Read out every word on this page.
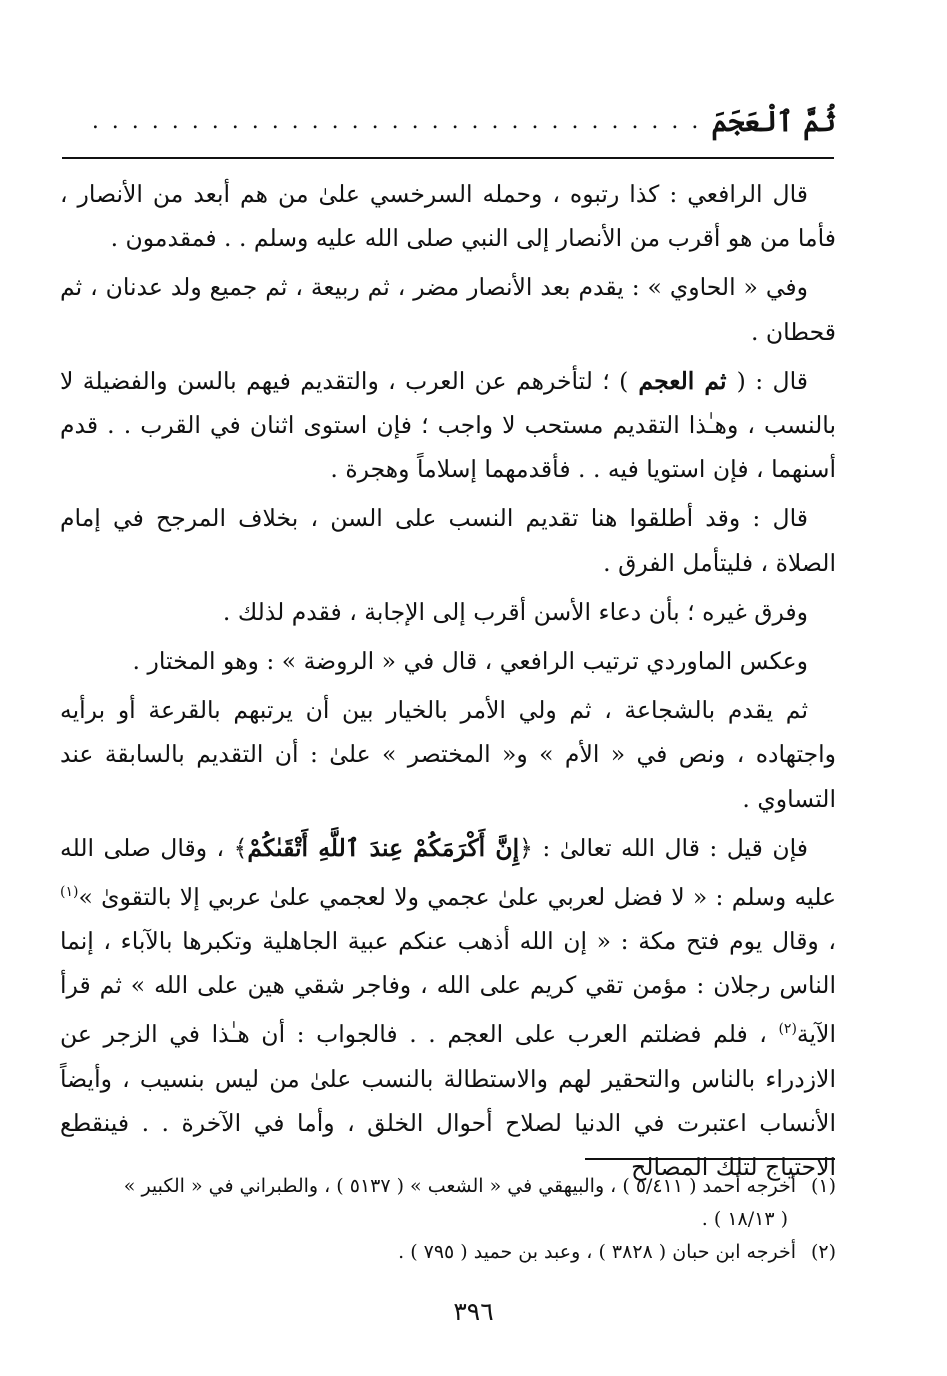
ثُمَّ ٱلْعَجَمَ
. . . . . . . . . . . . . . . . . . . . . . . . . . . . . . .

قال الرافعي : كذا رتبوه ، وحمله السرخسي علىٰ من هم أبعد من الأنصار ، فأما من هو أقرب من الأنصار إلى النبي صلى الله عليه وسلم . . فمقدمون .

وفي « الحاوي » : يقدم بعد الأنصار مضر ، ثم ربيعة ، ثم جميع ولد عدنان ، ثم قحطان .

قال : ( ثم العجم ) ؛ لتأخرهم عن العرب ، والتقديم فيهم بالسن والفضيلة لا بالنسب ، وهـٰذا التقديم مستحب لا واجب ؛ فإن استوى اثنان في القرب . . قدم أسنهما ، فإن استويا فيه . . فأقدمهما إسلاماً وهجرة .

قال : وقد أطلقوا هنا تقديم النسب على السن ، بخلاف المرجح في إمام الصلاة ، فليتأمل الفرق .

وفرق غيره ؛ بأن دعاء الأسن أقرب إلى الإجابة ، فقدم لذلك .

وعكس الماوردي ترتيب الرافعي ، قال في « الروضة » : وهو المختار .

ثم يقدم بالشجاعة ، ثم ولي الأمر بالخيار بين أن يرتبهم بالقرعة أو برأيه واجتهاده ، ونص في « الأم » و« المختصر » علىٰ : أن التقديم بالسابقة عند التساوي .

فإن قيل : قال الله تعالىٰ : ﴿إِنَّ أَكْرَمَكُمْ عِندَ ٱللَّهِ أَتْقَىٰكُمْ﴾ ، وقال صلى الله عليه وسلم : « لا فضل لعربي علىٰ عجمي ولا لعجمي علىٰ عربي إلا بالتقوىٰ »$^{(١)}$ ، وقال يوم فتح مكة : « إن الله أذهب عنكم عبية الجاهلية وتكبرها بالآباء ، إنما الناس رجلان : مؤمن تقي كريم على الله ، وفاجر شقي هين على الله » ثم قرأ الآية$^{(٢)}$ ، فلم فضلتم العرب على العجم . . فالجواب : أن هـٰذا في الزجر عن الازدراء بالناس والتحقير لهم والاستطالة بالنسب علىٰ من ليس بنسيب ، وأيضاً الأنساب اعتبرت في الدنيا لصلاح أحوال الخلق ، وأما في الآخرة . . فينقطع الاحتياج لتلك المصالح

(١)أخرجه أحمد ( ٥/٤١١ ) ، والبيهقي في « الشعب » ( ٥١٣٧ ) ، والطبراني في « الكبير »

( ١٨/١٣ ) .

(٢)أخرجه ابن حبان ( ٣٨٢٨ ) ، وعبد بن حميد ( ٧٩٥ ) .

٣٩٦
